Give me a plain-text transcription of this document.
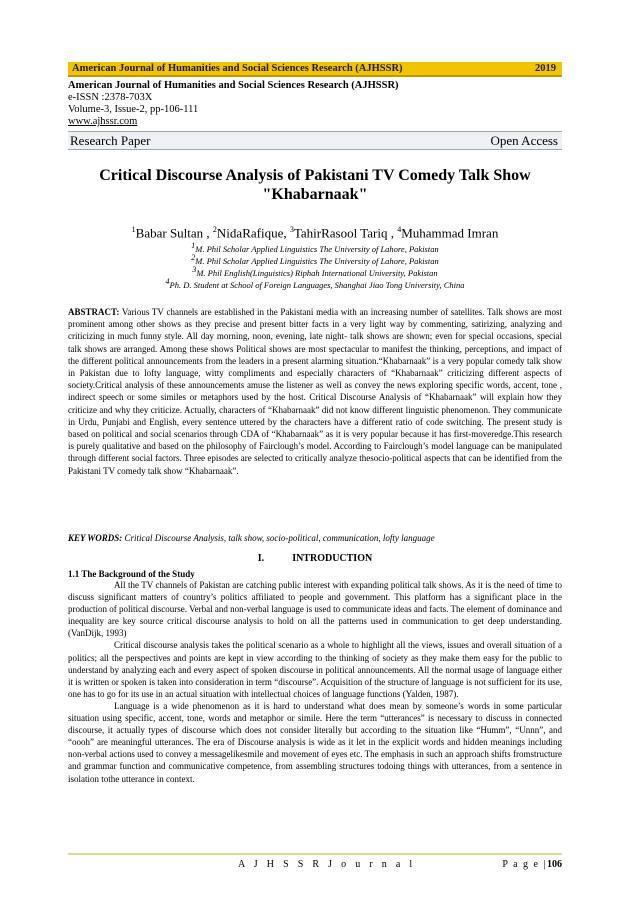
American Journal of Humanities and Social Sciences Research (AJHSSR)	2019
American Journal of Humanities and Social Sciences Research (AJHSSR)
e-ISSN :2378-703X
Volume-3, Issue-2, pp-106-111
www.ajhssr.com
Research Paper	Open Access
Critical Discourse Analysis of Pakistani TV Comedy Talk Show
"Khabarnaak"
$^1$Babar Sultan , $^2$NidaRafique, $^3$TahirRasool Tariq , $^4$Muhammad Imran
$^1$M. Phil Scholar Applied Linguistics The University of Lahore, Pakistan
$^2$M. Phil Scholar Applied Linguistics The University of Lahore, Pakistan
$^3$M. Phil English(Linguistics) Riphah International University, Pakistan
$^4$Ph. D. Student at School of Foreign Languages, Shanghai Jiao Tong University, China
ABSTRACT: Various TV channels are established in the Pakistani media with an increasing number of satellites. Talk shows are most prominent among other shows as they precise and present bitter facts in a very light way by commenting, satirizing, analyzing and criticizing in much funny style. All day morning, noon, evening, late night- talk shows are shown; even for special occasions, special talk shows are arranged. Among these shows Political shows are most spectacular to manifest the thinking, perceptions, and impact of the different political announcements from the leaders in a present alarming situation.“Khabarnaak” is a very popular comedy talk show in Pakistan due to lofty language, witty compliments and especially characters of “Khabarnaak” criticizing different aspects of society.Critical analysis of these announcements amuse the listener as well as convey the news exploring specific words, accent, tone , indirect speech or some similes or metaphors used by the host. Critical Discourse Analysis of “Khabarnaak” will explain how they criticize and why they criticize. Actually, characters of “Khabarnaak” did not know different linguistic phenomenon. They communicate in Urdu, Punjabi and English, every sentence uttered by the characters have a different ratio of code switching. The present study is based on political and social scenarios through CDA of “Khabarnaak” as it is very popular because it has first-moveredge.This research is purely qualitative and based on the philosophy of Fairclough’s model. According to Fairclough’s model language can be manipulated through different social factors. Three episodes are selected to critically analyze thesocio-political aspects that can be identified from the Pakistani TV comedy talk show “Khabarnaak”.
KEY WORDS: Critical Discourse Analysis, talk show, socio-political, communication, lofty language
I.	INTRODUCTION
1.1 The Background of the Study

All the TV channels of Pakistan are catching public interest with expanding political talk shows. As it is the need of time to discuss significant matters of country’s politics affiliated to people and government. This platform has a significant place in the production of political discourse. Verbal and non-verbal language is used to communicate ideas and facts. The element of dominance and inequality are key source critical discourse analysis to hold on all the patterns used in communication to get deep understanding. (VanDijk, 1993)

Critical discourse analysis takes the political scenario as a whole to highlight all the views, issues and overall situation of a politics; all the perspectives and points are kept in view according to the thinking of society as they make them easy for the public to understand by analyzing each and every aspect of spoken discourse in political announcements. All the normal usage of language either it is written or spoken is taken into consideration in term “discourse”. Acquisition of the structure of language is not sufficient for its use, one has to go for its use in an actual situation with intellectual choices of language functions (Yalden, 1987).

Language is a wide phenomenon as it is hard to understand what does mean by someone’s words in some particular situation using specific, accent, tone, words and metaphor or simile. Here the term “utterances” is necessary to discuss in connected discourse, it actually types of discourse which does not consider literally but according to the situation like “Humm”, “Unnn”, and “oooh” are meaningful utterances. The era of Discourse analysis is wide as it let in the explicit words and hidden meanings including non-verbal actions used to convey a messagelikesmile and movement of eyes etc. The emphasis in such an approach shifts fromstructure and grammar function and communicative competence, from assembling structures todoing things with utterances, from a sentence in isolation tothe utterance in context.

A J H S S R J o u r n a l	P a g e |106
